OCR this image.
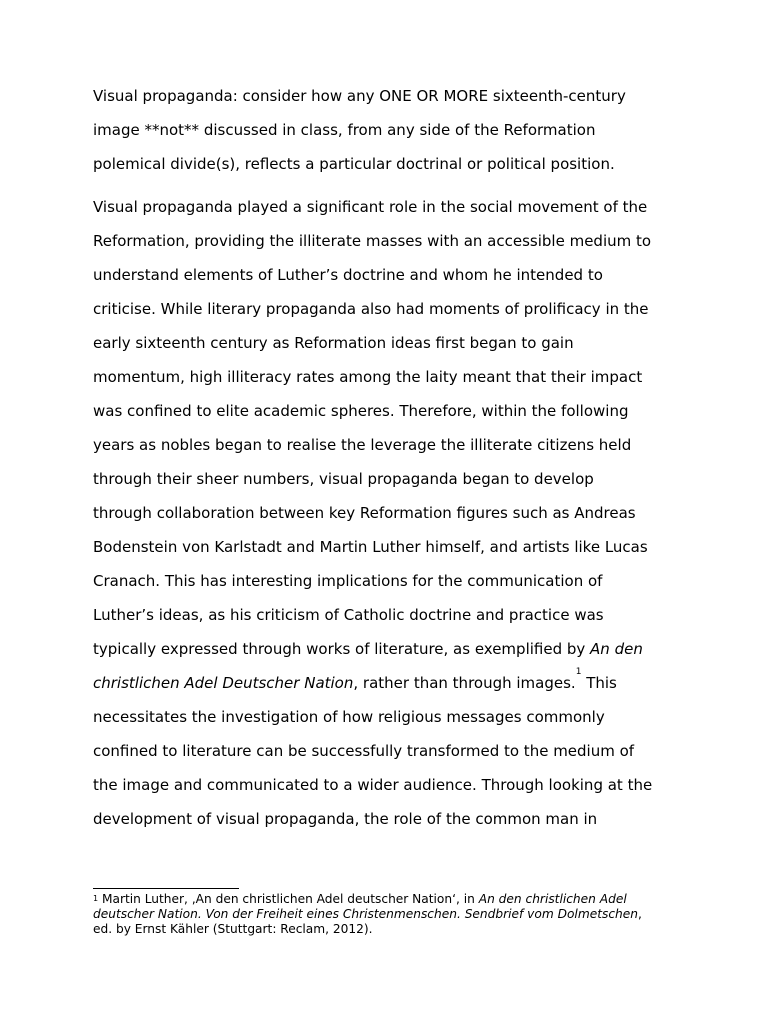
Visual propaganda: consider how any ONE OR MORE sixteenth-century
image **not** discussed in class, from any side of the Reformation
polemical divide(s), reflects a particular doctrinal or political position.
Visual propaganda played a significant role in the social movement of the
Reformation, providing the illiterate masses with an accessible medium to
understand elements of Luther’s doctrine and whom he intended to
criticise. While literary propaganda also had moments of prolificacy in the
early sixteenth century as Reformation ideas first began to gain
momentum, high illiteracy rates among the laity meant that their impact
was confined to elite academic spheres. Therefore, within the following
years as nobles began to realise the leverage the illiterate citizens held
through their sheer numbers, visual propaganda began to develop
through collaboration between key Reformation figures such as Andreas
Bodenstein von Karlstadt and Martin Luther himself, and artists like Lucas
Cranach. This has interesting implications for the communication of
Luther’s ideas, as his criticism of Catholic doctrine and practice was
typically expressed through works of literature, as exemplified by An den
christlichen Adel Deutscher Nation, rather than through images.$^1$ This
necessitates the investigation of how religious messages commonly
confined to literature can be successfully transformed to the medium of
the image and communicated to a wider audience. Through looking at the
development of visual propaganda, the role of the common man in
$^1$ Martin Luther, ‚An den christlichen Adel deutscher Nation‘, in An den christlichen Adel
deutscher Nation. Von der Freiheit eines Christenmenschen. Sendbrief vom Dolmetschen,
ed. by Ernst Kähler (Stuttgart: Reclam, 2012).
